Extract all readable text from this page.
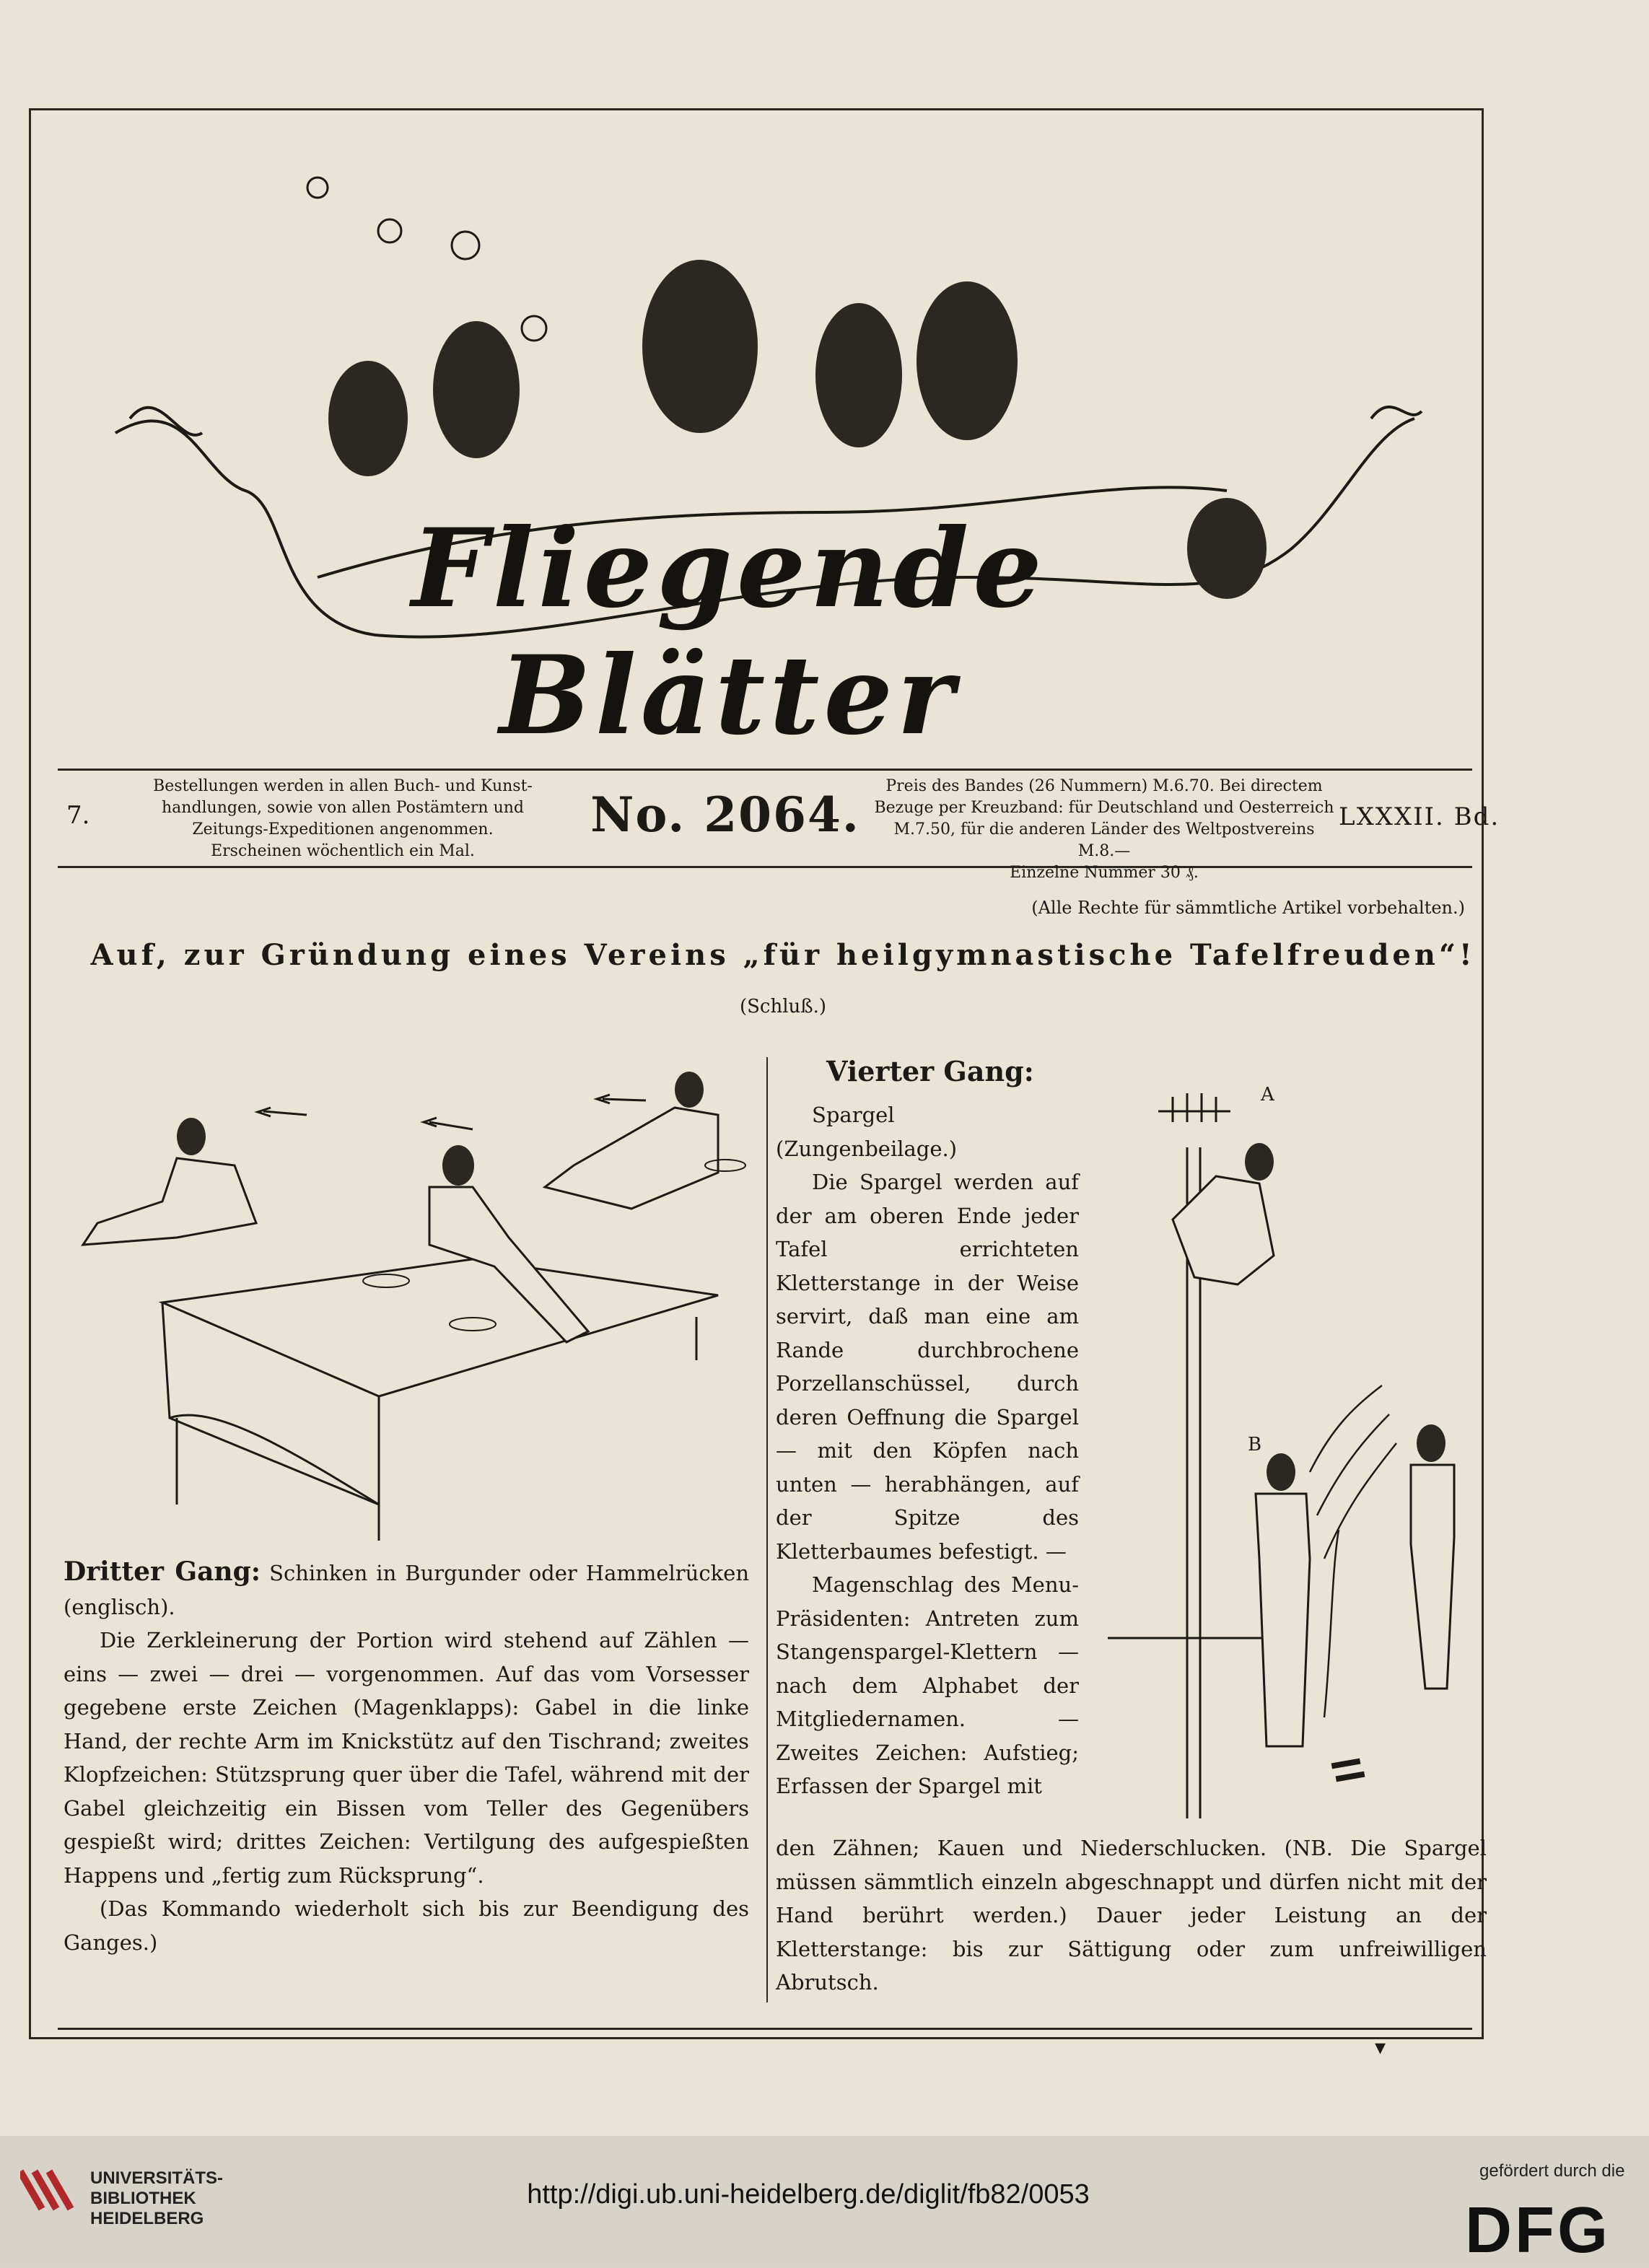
Fliegende Blätter
7.
Bestellungen werden in allen Buch- und Kunst-
handlungen, sowie von allen Postämtern und
Zeitungs-Expeditionen angenommen.
Erscheinen wöchentlich ein Mal.
No. 2064.
Preis des Bandes (26 Nummern) M.6.70. Bei directem
Bezuge per Kreuzband: für Deutschland und Oesterreich
M.7.50, für die anderen Länder des Weltpostvereins M.8.—
Einzelne Nummer 30 ₰.
LXXXII. Bd.
(Alle Rechte für sämmtliche Artikel vorbehalten.)
Auf, zur Gründung eines Vereins „für heilgymnastische Tafelfreuden“!
(Schluß.)

Dritter Gang: Schinken in Burgunder oder Hammelrücken (englisch).

Die Zerkleinerung der Portion wird stehend auf Zählen — eins — zwei — drei — vorgenommen. Auf das vom Vorsesser gegebene erste Zeichen (Magenklapps): Gabel in die linke Hand, der rechte Arm im Knickstütz auf den Tischrand; zweites Klopfzeichen: Stützsprung quer über die Tafel, während mit der Gabel gleichzeitig ein Bissen vom Teller des Gegenübers gespießt wird; drittes Zeichen: Vertilgung des aufgespießten Happens und „fertig zum Rücksprung“.

(Das Kommando wiederholt sich bis zur Beendigung des Ganges.)

Vierter Gang:

Spargel (Zungenbeilage.)

Die Spargel werden auf der am oberen Ende jeder Tafel errichteten Kletterstange in der Weise servirt, daß man eine am Rande durchbrochene Porzellanschüssel, durch deren Oeffnung die Spargel — mit den Köpfen nach unten — herabhängen, auf der Spitze des Kletterbaumes befestigt. —

Magenschlag des Menu-Präsidenten: Antreten zum Stangenspargel-Klettern — nach dem Alphabet der Mitgliedernamen. — Zweites Zeichen: Aufstieg; Erfassen der Spargel mit

den Zähnen; Kauen und Niederschlucken. (NB. Die Spargel müssen sämmtlich einzeln abgeschnappt und dürfen nicht mit der Hand berührt werden.) Dauer jeder Leistung an der Kletterstange: bis zur Sättigung oder zum unfreiwilligen Abrutsch.

A
B
▾
UNIVERSITÄTS-
BIBLIOTHEK
HEIDELBERG
http://digi.ub.uni-heidelberg.de/diglit/fb82/0053
gefördert durch die
DFG
